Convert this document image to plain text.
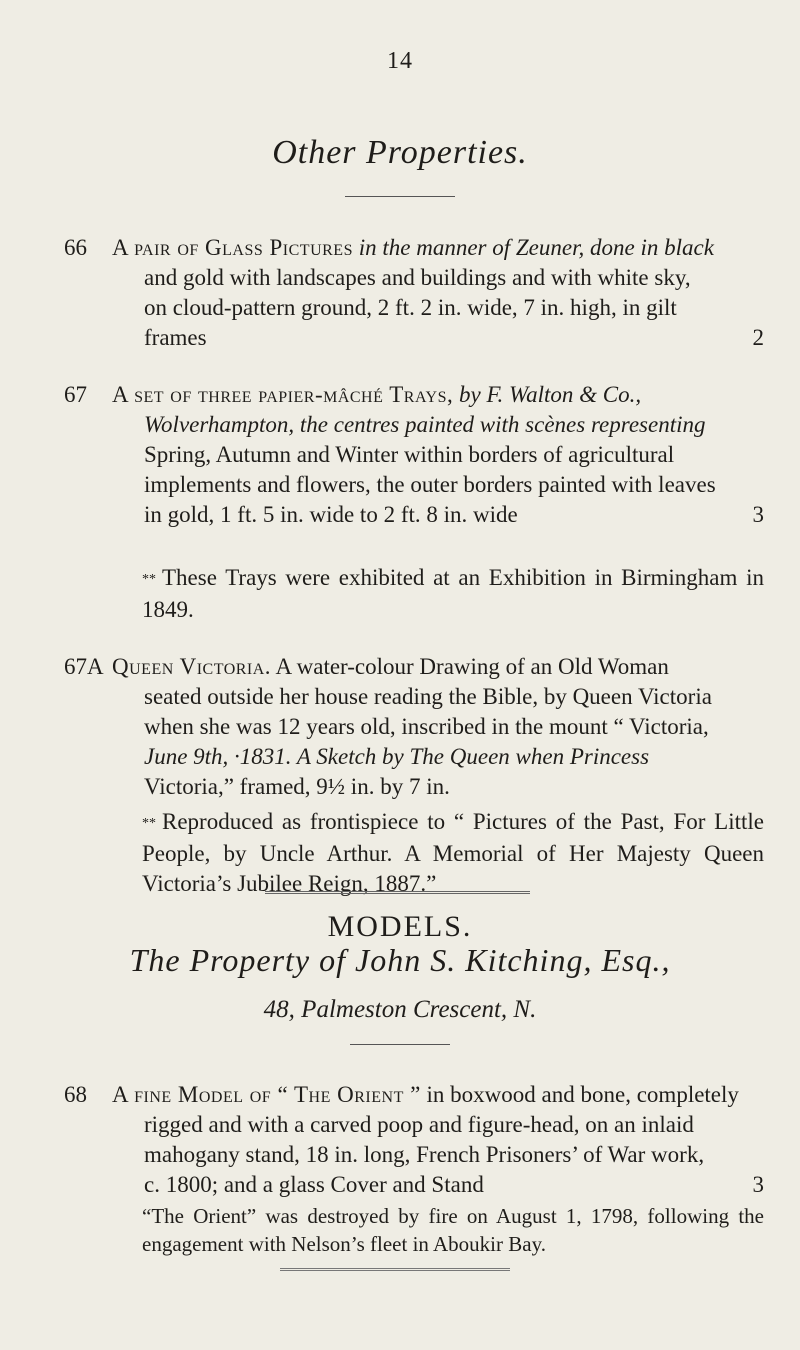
14
Other Properties.
66 A pair of Glass Pictures in the manner of Zeuner, done in black
and gold with landscapes and buildings and with white sky,
on cloud-pattern ground, 2 ft. 2 in. wide, 7 in. high, in gilt
frames	2
67 A set of three papier-mâché Trays, by F. Walton & Co.,
Wolverhampton, the centres painted with scènes representing
Spring, Autumn and Winter within borders of agricultural
implements and flowers, the outer borders painted with leaves
in gold, 1 ft. 5 in. wide to 2 ft. 8 in. wide	3
** These Trays were exhibited at an Exhibition in Birmingham in 1849.
67A Queen Victoria. A water-colour Drawing of an Old Woman
seated outside her house reading the Bible, by Queen Victoria
when she was 12 years old, inscribed in the mount “ Victoria,
June 9th, ·1831. A Sketch by The Queen when Princess
Victoria,” framed, 9½ in. by 7 in.
** Reproduced as frontispiece to “ Pictures of the Past, For Little People, by Uncle Arthur. A Memorial of Her Majesty Queen Victoria’s Jubilee Reign, 1887.”
MODELS.
The Property of John S. Kitching, Esq.,
48, Palmeston Crescent, N.
68 A fine Model of “ The Orient ” in boxwood and bone, completely
rigged and with a carved poop and figure-head, on an inlaid
mahogany stand, 18 in. long, French Prisoners’ of War work,
c. 1800; and a glass Cover and Stand	3
“The Orient” was destroyed by fire on August 1, 1798, following the engagement with Nelson’s fleet in Aboukir Bay.
